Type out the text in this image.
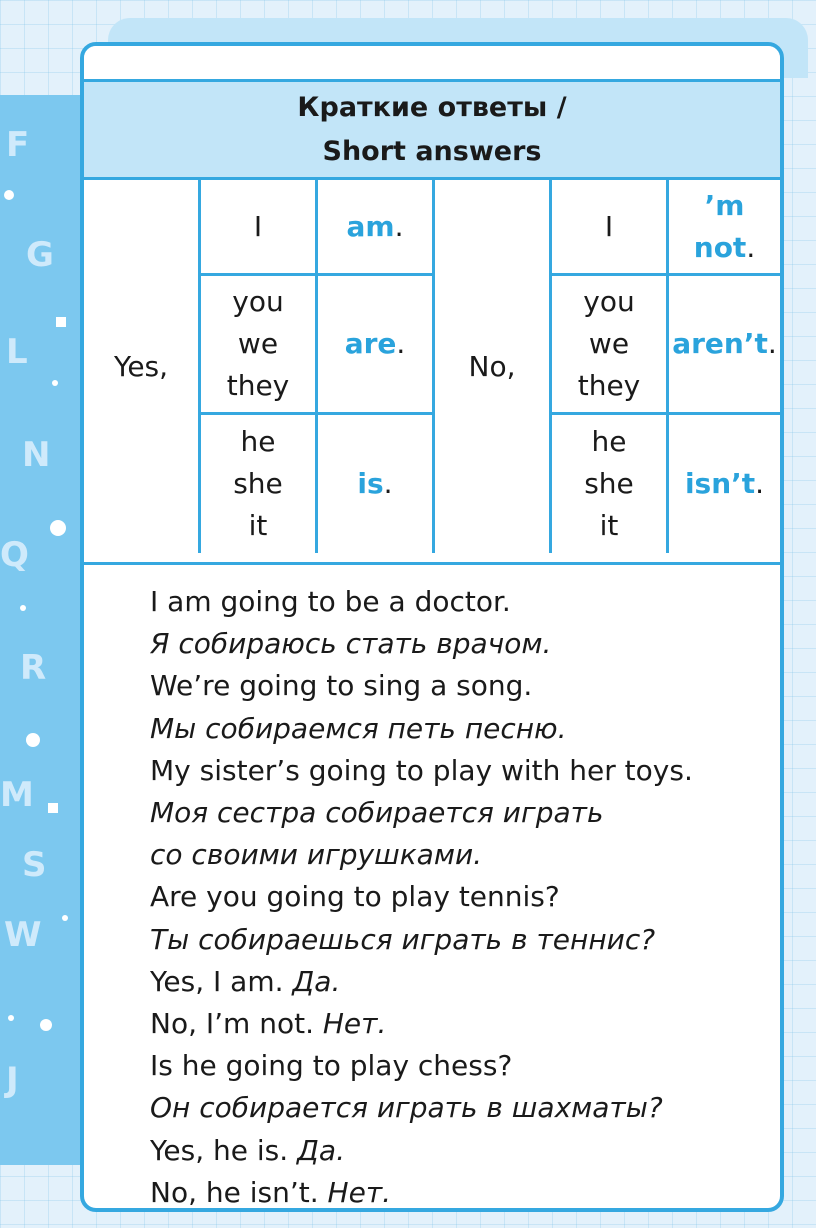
F
G
L
N
Q
R
M
S
W
J
Краткие ответы /
Short answers
Yes,
I	am.
you
we
they
are.
he
she
it
is.
No,
I
’m
not.
you
we
they
aren’t.
he
she
it
isn’t.
I am going to be a doctor.
Я собираюсь стать врачом.
We’re going to sing a song.
Мы собираемся петь песню.
My sister’s going to play with her toys.
Моя сестра собирается играть
со своими игрушками.
Are you going to play tennis?
Ты собираешься играть в теннис?
Yes, I am. Да.
No, I’m not. Нет.
Is he going to play chess?
Он собирается играть в шахматы?
Yes, he is. Да.
No, he isn’t. Нет.
